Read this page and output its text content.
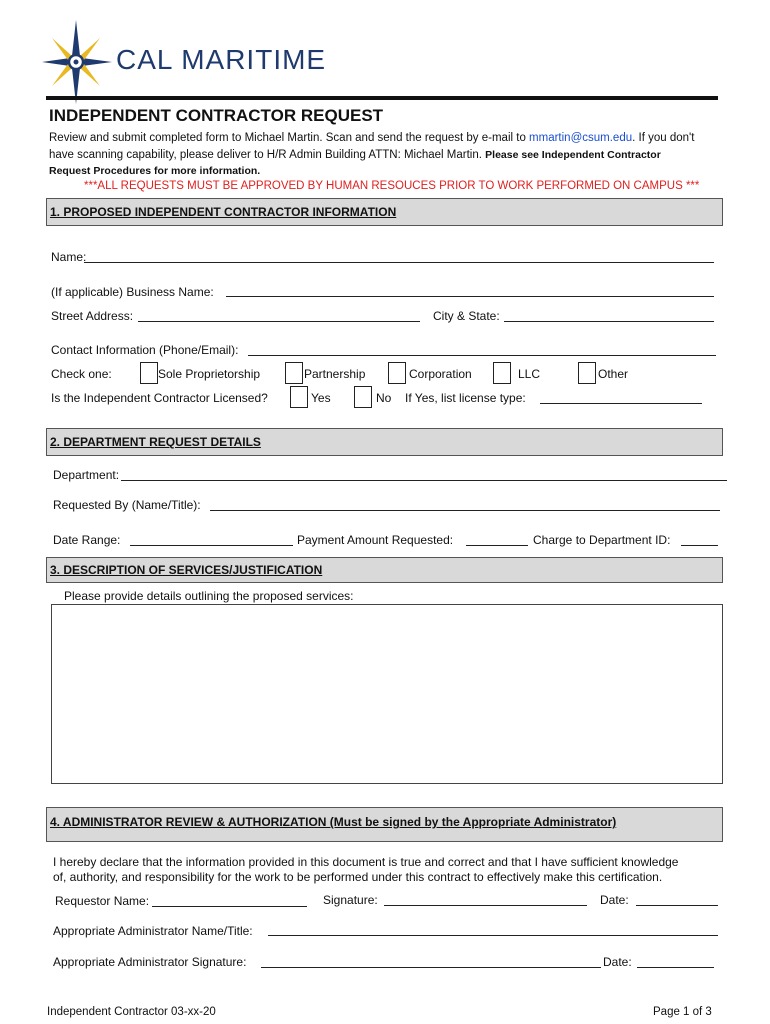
CAL MARITIME
INDEPENDENT CONTRACTOR REQUEST
Review and submit completed form to Michael Martin. Scan and send the request by e-mail to mmartin@csum.edu. If you don't
have scanning capability, please deliver to H/R Admin Building ATTN: Michael Martin. Please see Independent Contractor
Request Procedures for more information.
***ALL REQUESTS MUST BE APPROVED BY HUMAN RESOUCES PRIOR TO WORK PERFORMED ON CAMPUS ***
1. PROPOSED INDEPENDENT CONTRACTOR INFORMATION
Name:
(If applicable) Business Name:
Street Address:	City & State:
Contact Information (Phone/Email):
Check one:	Sole Proprietorship	Partnership	Corporation	LLC	Other
Is the Independent Contractor Licensed?	Yes	No If Yes, list license type:
2. DEPARTMENT REQUEST DETAILS
Department:
Requested By (Name/Title):
Date Range:	Payment Amount Requested:	Charge to Department ID:
3. DESCRIPTION OF SERVICES/JUSTIFICATION
Please provide details outlining the proposed services:
4. ADMINISTRATOR REVIEW & AUTHORIZATION (Must be signed by the Appropriate Administrator)
I hereby declare that the information provided in this document is true and correct and that I have sufficient knowledge
of, authority, and responsibility for the work to be performed under this contract to effectively make this certification.
Requestor Name:	Signature:	Date:
Appropriate Administrator Name/Title:
Appropriate Administrator Signature:	Date:
Independent Contractor 03-xx-20	Page 1 of 3
